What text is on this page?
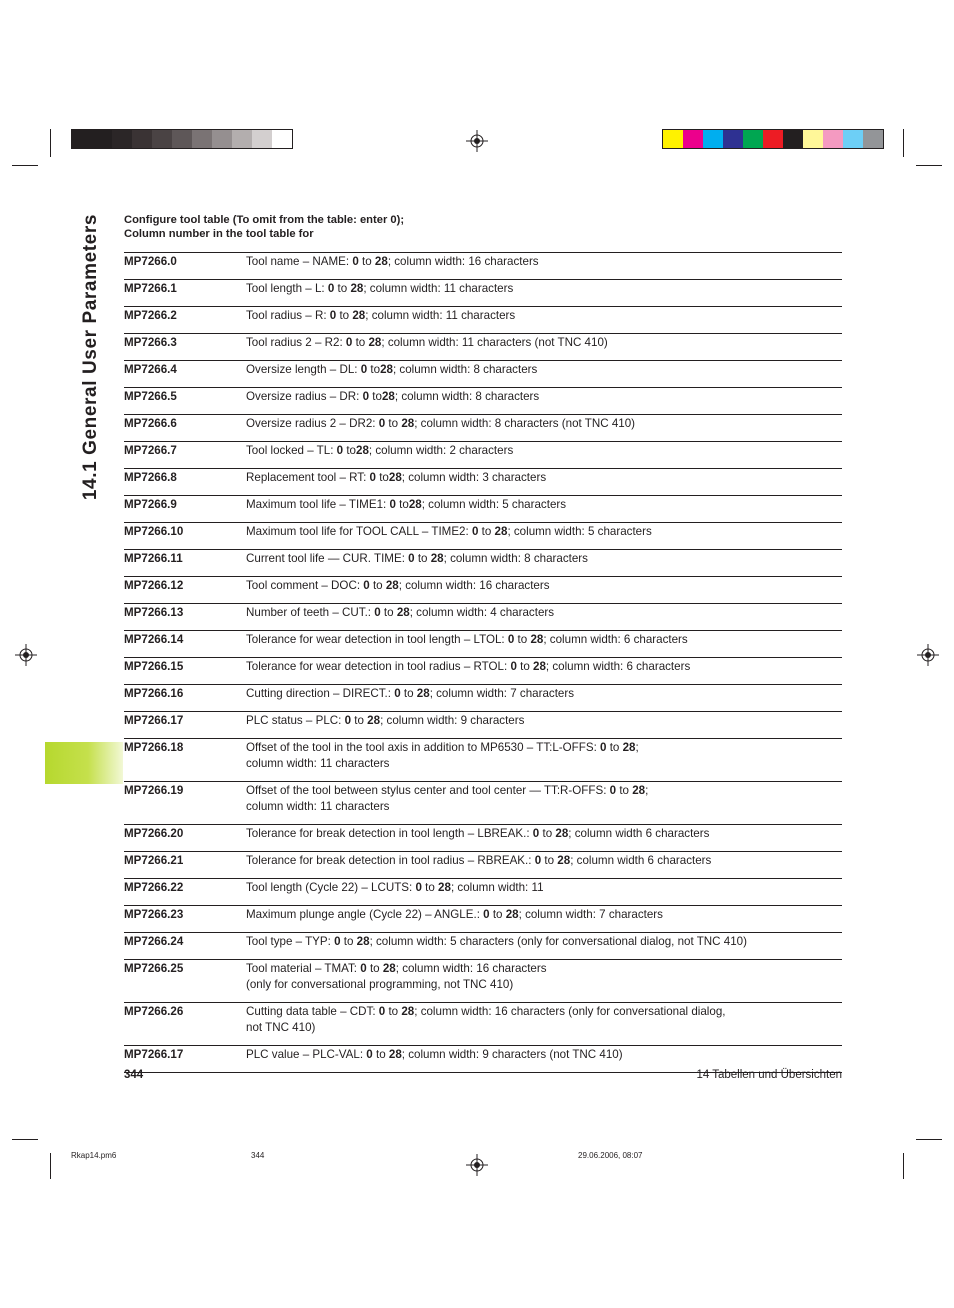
14.1 General User Parameters	Configure tool table (To omit from the table: enter 0);
Column number in the tool table for
MP7266.0	Tool name – NAME: 0 to 28; column width: 16 characters

MP7266.1	Tool length – L: 0 to 28; column width: 11 characters

MP7266.2	Tool radius – R: 0 to 28; column width: 11 characters

MP7266.3	Tool radius 2 – R2: 0 to 28; column width: 11 characters (not TNC 410)

MP7266.4	Oversize length – DL: 0 to28; column width: 8 characters

MP7266.5	Oversize radius – DR: 0 to28; column width: 8 characters

MP7266.6	Oversize radius 2 – DR2: 0 to 28; column width: 8 characters (not TNC 410)

MP7266.7	Tool locked – TL: 0 to28; column width: 2 characters

MP7266.8	Replacement tool – RT: 0 to28; column width: 3 characters

MP7266.9	Maximum tool life – TIME1: 0 to28; column width: 5 characters

MP7266.10	Maximum tool life for TOOL CALL – TIME2: 0 to 28; column width: 5 characters

MP7266.11	Current tool life — CUR. TIME: 0 to 28; column width: 8 characters

MP7266.12	Tool comment – DOC: 0 to 28; column width: 16 characters

MP7266.13	Number of teeth – CUT.: 0 to 28; column width: 4 characters

MP7266.14	Tolerance for wear detection in tool length – LTOL: 0 to 28; column width: 6 characters

MP7266.15	Tolerance for wear detection in tool radius – RTOL: 0 to 28; column width: 6 characters

MP7266.16	Cutting direction – DIRECT.: 0 to 28; column width: 7 characters

MP7266.17	PLC status – PLC: 0 to 28; column width: 9 characters

MP7266.18	Offset of the tool in the tool axis in addition to MP6530 – TT:L-OFFS: 0 to 28;
column width: 11 characters

MP7266.19	Offset of the tool between stylus center and tool center — TT:R-OFFS: 0 to 28;
column width: 11 characters

MP7266.20	Tolerance for break detection in tool length – LBREAK.: 0 to 28; column width 6 characters

MP7266.21	Tolerance for break detection in tool radius – RBREAK.: 0 to 28; column width 6 characters

MP7266.22	Tool length (Cycle 22) – LCUTS: 0 to 28; column width: 11

MP7266.23	Maximum plunge angle (Cycle 22) – ANGLE.: 0 to 28; column width: 7 characters

MP7266.24	Tool type – TYP: 0 to 28; column width: 5 characters (only for conversational dialog, not TNC 410)

MP7266.25	Tool material – TMAT: 0 to 28; column width: 16 characters
(only for conversational programming, not TNC 410)

MP7266.26	Cutting data table – CDT: 0 to 28; column width: 16 characters (only for conversational dialog,
not TNC 410)

MP7266.17	PLC value – PLC-VAL: 0 to 28; column width: 9 characters (not TNC 410)
344	14 Tabellen und Übersichten
Rkap14.pm6	344	29.06.2006, 08:07
